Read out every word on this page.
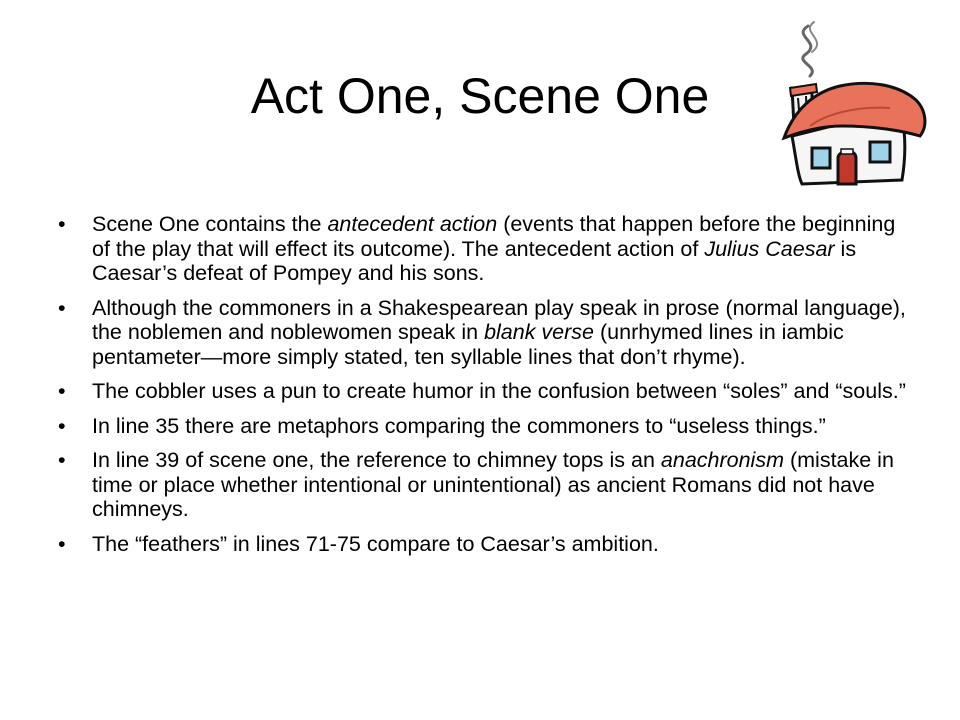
Act One, Scene One
• Scene One contains the antecedent action (events that happen before the beginning of the play that will effect its outcome). The antecedent action of Julius Caesar is Caesar’s defeat of Pompey and his sons.
• Although the commoners in a Shakespearean play speak in prose (normal language), the noblemen and noblewomen speak in blank verse (unrhymed lines in iambic pentameter—more simply stated, ten syllable lines that don’t rhyme).
• The cobbler uses a pun to create humor in the confusion between “soles” and “souls.”
• In line 35 there are metaphors comparing the commoners to “useless things.”
• In line 39 of scene one, the reference to chimney tops is an anachronism (mistake in time or place whether intentional or unintentional) as ancient Romans did not have chimneys.
• The “feathers” in lines 71-75 compare to Caesar’s ambition.
